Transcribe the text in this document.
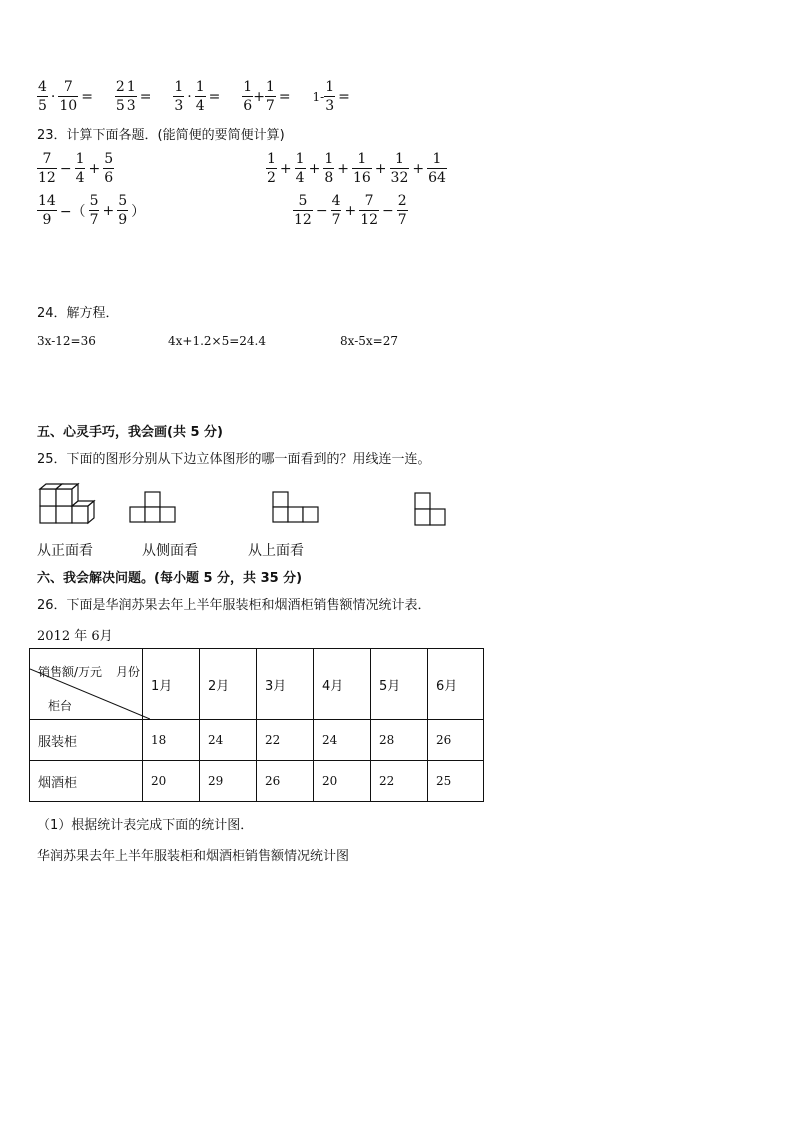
$\frac{4}{5} \cdot \frac{7}{10} = \frac{2}{5} \frac{1}{3} = \frac{1}{3} \cdot \frac{1}{4} = \frac{1}{6} + \frac{1}{7} = 1- \frac{1}{3}$ =
23．计算下面各题．(能简便的要简便计算)
$\frac{7}{12} - \frac{1}{4} + \frac{5}{6}$
$\frac{14}{9}$ −（ $\frac{5}{7} + \frac{5}{9}$ ）
$\frac{1}{2} + \frac{1}{4} + \frac{1}{8} + \frac{1}{16} + \frac{1}{32} + \frac{1}{64}$
$\frac{5}{12} - \frac{4}{7} + \frac{7}{12} - \frac{2}{7}$
24．解方程．
3x-12=36	4x+1.2×5=24.4	8x-5x=27
五、心灵手巧，我会画(共 5 分)
25．下面的图形分别从下边立体图形的哪一面看到的？用线连一连。
从正面看	从侧面看	从上面看
六、我会解决问题。(每小题 5 分，共 35 分)
26．下面是华润苏果去年上半年服装柜和烟酒柜销售额情况统计表．
2012 年 6月
销售额/万元 月份
柜台	1月	2月	3月	4月	5月	6月
服装柜	18	24	22	24	28	26
烟酒柜	20	29	26	20	22	25
（1）根据统计表完成下面的统计图．
华润苏果去年上半年服装柜和烟酒柜销售额情况统计图
